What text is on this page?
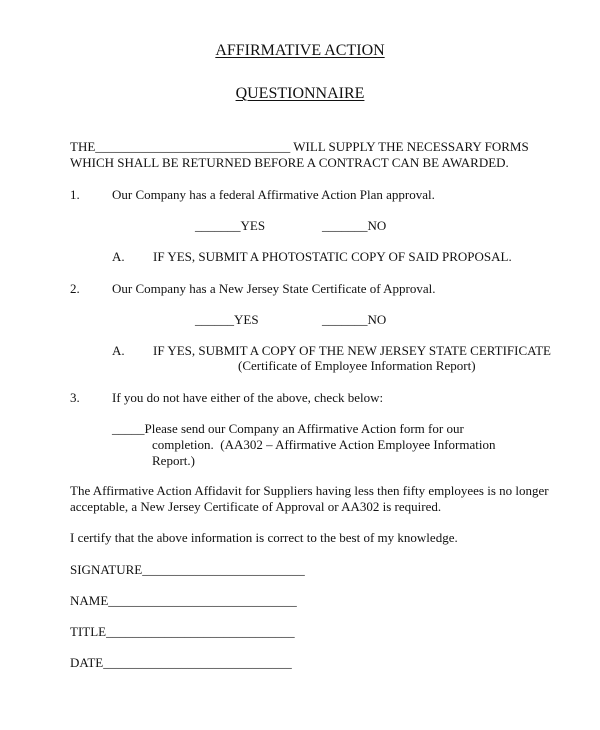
AFFIRMATIVE ACTION
QUESTIONNAIRE
THE______________________________ WILL SUPPLY THE NECESSARY FORMS
WHICH SHALL BE RETURNED BEFORE A CONTRACT CAN BE AWARDED.
1. Our Company has a federal Affirmative Action Plan approval.
_______YES	_______NO
A. IF YES, SUBMIT A PHOTOSTATIC COPY OF SAID PROPOSAL.
2. Our Company has a New Jersey State Certificate of Approval.
______YES	_______NO
A. IF YES, SUBMIT A COPY OF THE NEW JERSEY STATE CERTIFICATE
(Certificate of Employee Information Report)
3. If you do not have either of the above, check below:
_____Please send our Company an Affirmative Action form for our
completion.  (AA302 – Affirmative Action Employee Information
Report.)
The Affirmative Action Affidavit for Suppliers having less then fifty employees is no longer
acceptable, a New Jersey Certificate of Approval or AA302 is required.
I certify that the above information is correct to the best of my knowledge.
SIGNATURE_________________________
NAME_____________________________
TITLE_____________________________
DATE_____________________________
